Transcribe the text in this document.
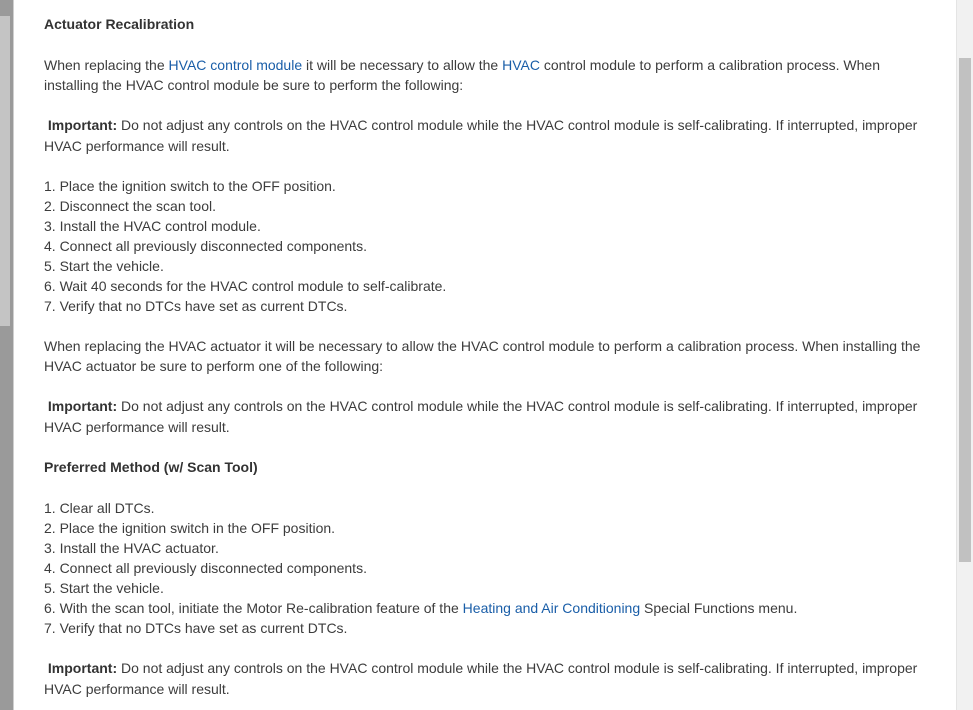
Actuator Recalibration
When replacing the HVAC control module it will be necessary to allow the HVAC control module to perform a calibration process. When
installing the HVAC control module be sure to perform the following:
Important: Do not adjust any controls on the HVAC control module while the HVAC control module is self-calibrating. If interrupted, improper
HVAC performance will result.
1. Place the ignition switch to the OFF position.
2. Disconnect the scan tool.
3. Install the HVAC control module.
4. Connect all previously disconnected components.
5. Start the vehicle.
6. Wait 40 seconds for the HVAC control module to self-calibrate.
7. Verify that no DTCs have set as current DTCs.
When replacing the HVAC actuator it will be necessary to allow the HVAC control module to perform a calibration process. When installing the
HVAC actuator be sure to perform one of the following:
Important: Do not adjust any controls on the HVAC control module while the HVAC control module is self-calibrating. If interrupted, improper
HVAC performance will result.
Preferred Method (w/ Scan Tool)
1. Clear all DTCs.
2. Place the ignition switch in the OFF position.
3. Install the HVAC actuator.
4. Connect all previously disconnected components.
5. Start the vehicle.
6. With the scan tool, initiate the Motor Re-calibration feature of the Heating and Air Conditioning Special Functions menu.
7. Verify that no DTCs have set as current DTCs.
Important: Do not adjust any controls on the HVAC control module while the HVAC control module is self-calibrating. If interrupted, improper
HVAC performance will result.
